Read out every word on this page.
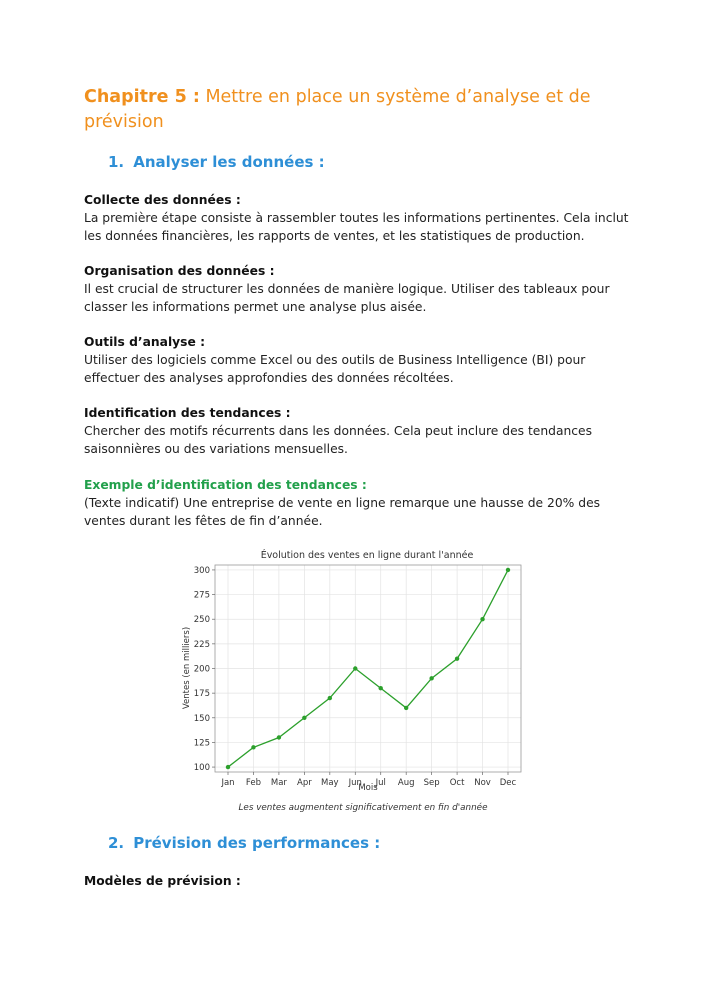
Chapitre 5 : Mettre en place un système d’analyse et de prévision
1. Analyser les données :
Collecte des données :
La première étape consiste à rassembler toutes les informations pertinentes. Cela inclut les données financières, les rapports de ventes, et les statistiques de production.
Organisation des données :
Il est crucial de structurer les données de manière logique. Utiliser des tableaux pour classer les informations permet une analyse plus aisée.
Outils d’analyse :
Utiliser des logiciels comme Excel ou des outils de Business Intelligence (BI) pour effectuer des analyses approfondies des données récoltées.
Identification des tendances :
Chercher des motifs récurrents dans les données. Cela peut inclure des tendances saisonnières ou des variations mensuelles.
Exemple d’identification des tendances :
(Texte indicatif) Une entreprise de vente en ligne remarque une hausse de 20% des ventes durant les fêtes de fin d’année.
Évolution des ventes en ligne durant l'année
100
125
150
175
200
225
250
275
300
Jan Feb Mar Apr May Jun Jul Aug Sep Oct Nov Dec
Mois
Ventes (en milliers)
Les ventes augmentent significativement en fin d'année
2. Prévision des performances :
Modèles de prévision :
